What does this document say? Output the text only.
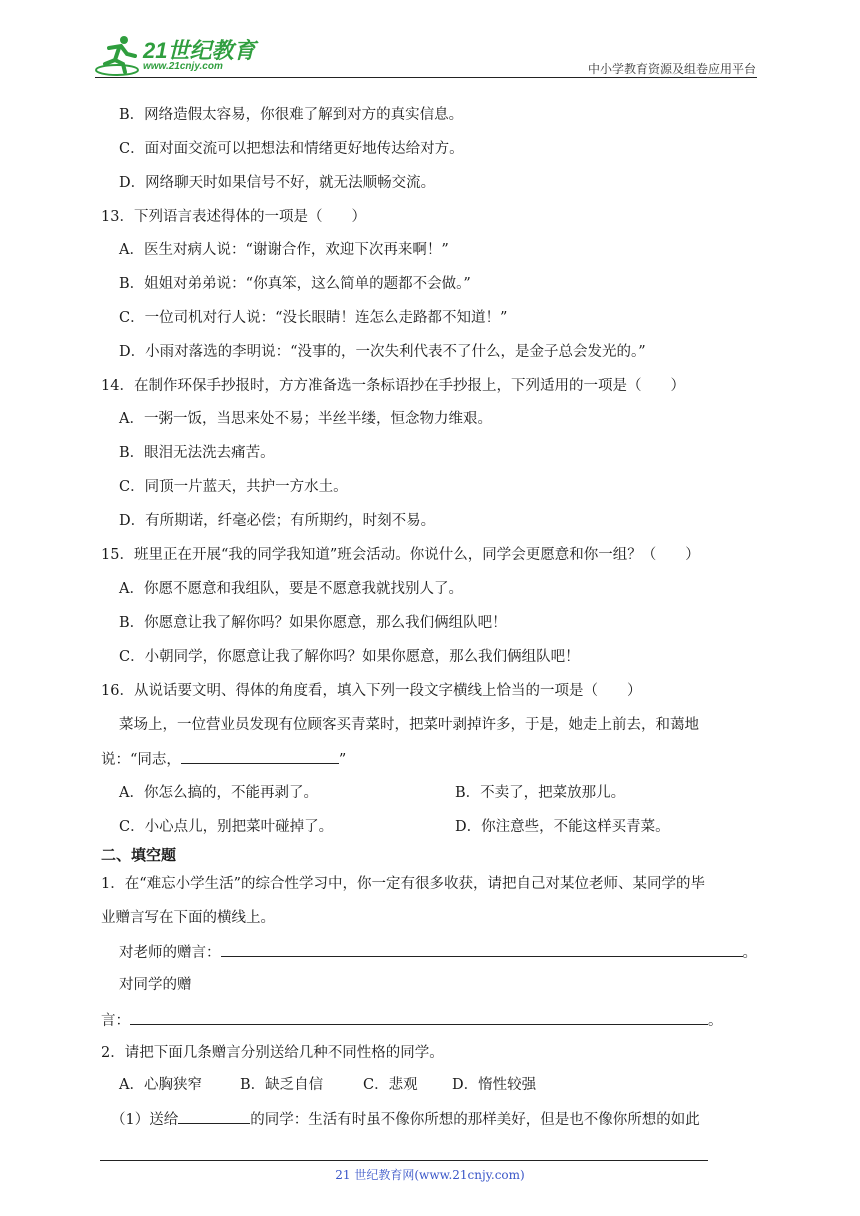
21世纪教育
www.21cnjy.com	中小学教育资源及组卷应用平台
B．网络造假太容易，你很难了解到对方的真实信息。
C．面对面交流可以把想法和情绪更好地传达给对方。
D．网络聊天时如果信号不好，就无法顺畅交流。
13．下列语言表述得体的一项是（　　）
A．医生对病人说：“谢谢合作，欢迎下次再来啊！”
B．姐姐对弟弟说：“你真笨，这么简单的题都不会做。”
C．一位司机对行人说：“没长眼睛！连怎么走路都不知道！”
D．小雨对落选的李明说：“没事的，一次失利代表不了什么，是金子总会发光的。”
14．在制作环保手抄报时，方方准备选一条标语抄在手抄报上，下列适用的一项是（　　）
A．一粥一饭，当思来处不易；半丝半缕，恒念物力维艰。
B．眼泪无法洗去痛苦。
C．同顶一片蓝天，共护一方水土。
D．有所期诺，纤毫必偿；有所期约，时刻不易。
15．班里正在开展“我的同学我知道”班会活动。你说什么，同学会更愿意和你一组？（　　）
A．你愿不愿意和我组队，要是不愿意我就找别人了。
B．你愿意让我了解你吗？如果你愿意，那么我们俩组队吧！
C．小朝同学，你愿意让我了解你吗？如果你愿意，那么我们俩组队吧！
16．从说话要文明、得体的角度看，填入下列一段文字横线上恰当的一项是（　　）
菜场上，一位营业员发现有位顾客买青菜时，把菜叶剥掉许多，于是，她走上前去，和蔼地
说：“同志，	”
A．你怎么搞的，不能再剥了。	B．不卖了，把菜放那儿。
C．小心点儿，别把菜叶碰掉了。	D．你注意些，不能这样买青菜。
二、填空题
1．在“难忘小学生活”的综合性学习中，你一定有很多收获，请把自己对某位老师、某同学的毕
业赠言写在下面的横线上。
对老师的赠言：	。
对同学的赠
言：	。
2．请把下面几条赠言分别送给几种不同性格的同学。
A．心胸狭窄	B．缺乏自信	C．悲观 D．惰性较强
（1）送给	的同学：生活有时虽不像你所想的那样美好，但是也不像你所想的如此
21 世纪教育网(www.21cnjy.com)
